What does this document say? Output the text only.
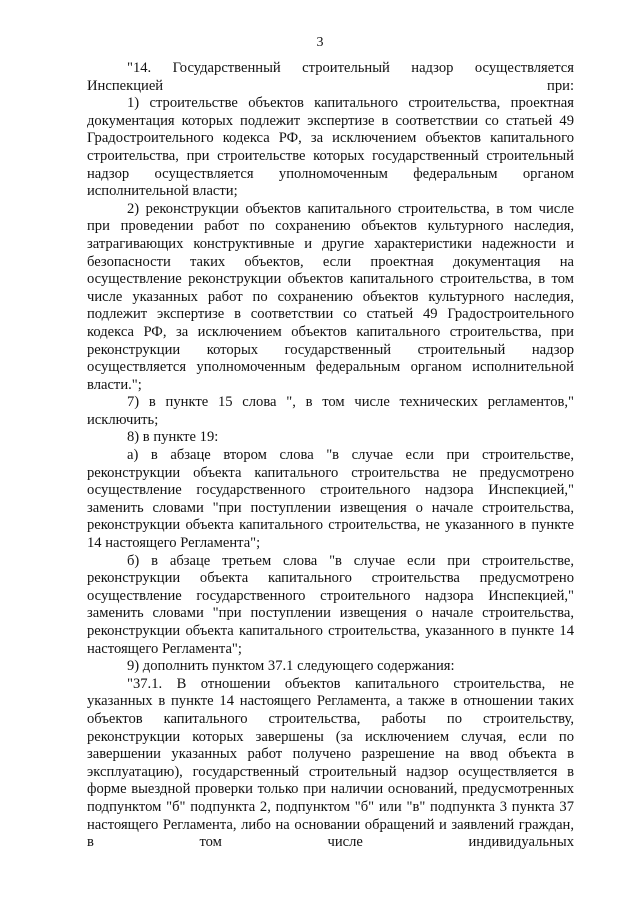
3

"14. Государственный строительный надзор осуществляется Инспекцией при:

1) строительстве объектов капитального строительства, проектная документация которых подлежит экспертизе в соответствии со статьей 49 Градостроительного кодекса РФ, за исключением объектов капитального строительства, при строительстве которых государственный строительный надзор осуществляется уполномоченным федеральным органом исполнительной власти;

2) реконструкции объектов капитального строительства, в том числе при проведении работ по сохранению объектов культурного наследия, затрагивающих конструктивные и другие характеристики надежности и безопасности таких объектов, если проектная документация на осуществление реконструкции объектов капитального строительства, в том числе указанных работ по сохранению объектов культурного наследия, подлежит экспертизе в соответствии со статьей 49 Градостроительного кодекса РФ, за исключением объектов капитального строительства, при реконструкции которых государственный строительный надзор осуществляется уполномоченным федеральным органом исполнительной власти.";

7) в пункте 15 слова ", в том числе технических регламентов," исключить;

8) в пункте 19:

а) в абзаце втором слова "в случае если при строительстве, реконструкции объекта капитального строительства не предусмотрено осуществление государственного строительного надзора Инспекцией," заменить словами "при поступлении извещения о начале строительства, реконструкции объекта капитального строительства, не указанного в пункте 14 настоящего Регламента";

б) в абзаце третьем слова "в случае если при строительстве, реконструкции объекта капитального строительства предусмотрено осуществление государственного строительного надзора Инспекцией," заменить словами "при поступлении извещения о начале строительства, реконструкции объекта капитального строительства, указанного в пункте 14 настоящего Регламента";

9) дополнить пунктом 37.1 следующего содержания:

"37.1. В отношении объектов капитального строительства, не указанных в пункте 14 настоящего Регламента, а также в отношении таких объектов капитального строительства, работы по строительству, реконструкции которых завершены (за исключением случая, если по завершении указанных работ получено разрешение на ввод объекта в эксплуатацию), государственный строительный надзор осуществляется в форме выездной проверки только при наличии оснований, предусмотренных подпунктом "б" подпункта 2, подпунктом "б" или "в" подпункта 3 пункта 37 настоящего Регламента, либо на основании обращений и заявлений граждан, в том числе индивидуальных
